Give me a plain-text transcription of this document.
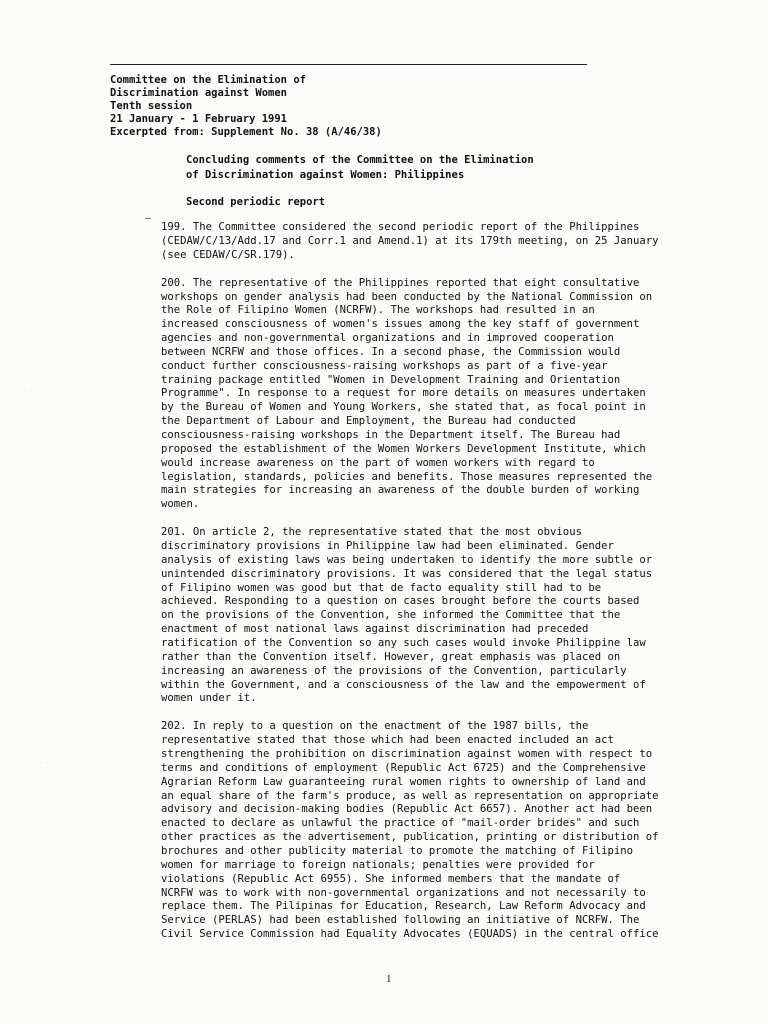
Committee on the Elimination of
Discrimination against Women
Tenth session
21 January - 1 February 1991
Excerpted from: Supplement No. 38 (A/46/38)
Concluding comments of the Committee on the Elimination
of Discrimination against Women: Philippines
Second periodic report
–
199. The Committee considered the second periodic report of the Philippines
(CEDAW/C/13/Add.17 and Corr.1 and Amend.1) at its 179th meeting, on 25 January
(see CEDAW/C/SR.179).
200. The representative of the Philippines reported that eight consultative
workshops on gender analysis had been conducted by the National Commission on
the Role of Filipino Women (NCRFW). The workshops had resulted in an
increased consciousness of women's issues among the key staff of government
agencies and non-governmental organizations and in improved cooperation
between NCRFW and those offices. In a second phase, the Commission would
conduct further consciousness-raising workshops as part of a five-year
training package entitled "Women in Development Training and Orientation
Programme". In response to a request for more details on measures undertaken
by the Bureau of Women and Young Workers, she stated that, as focal point in
the Department of Labour and Employment, the Bureau had conducted
consciousness-raising workshops in the Department itself. The Bureau had
proposed the establishment of the Women Workers Development Institute, which
would increase awareness on the part of women workers with regard to
legislation, standards, policies and benefits. Those measures represented the
main strategies for increasing an awareness of the double burden of working
women.
201. On article 2, the representative stated that the most obvious
discriminatory provisions in Philippine law had been eliminated. Gender
analysis of existing laws was being undertaken to identify the more subtle or
unintended discriminatory provisions. It was considered that the legal status
of Filipino women was good but that de facto equality still had to be
achieved. Responding to a question on cases brought before the courts based
on the provisions of the Convention, she informed the Committee that the
enactment of most national laws against discrimination had preceded
ratification of the Convention so any such cases would invoke Philippine law
rather than the Convention itself. However, great emphasis was placed on
increasing an awareness of the provisions of the Convention, particularly
within the Government, and a consciousness of the law and the empowerment of
women under it.
202. In reply to a question on the enactment of the 1987 bills, the
representative stated that those which had been enacted included an act
strengthening the prohibition on discrimination against women with respect to
terms and conditions of employment (Republic Act 6725) and the Comprehensive
Agrarian Reform Law guaranteeing rural women rights to ownership of land and
an equal share of the farm's produce, as well as representation on appropriate
advisory and decision-making bodies (Republic Act 6657). Another act had been
enacted to declare as unlawful the practice of "mail-order brides" and such
other practices as the advertisement, publication, printing or distribution of
brochures and other publicity material to promote the matching of Filipino
women for marriage to foreign nationals; penalties were provided for
violations (Republic Act 6955). She informed members that the mandate of
NCRFW was to work with non-governmental organizations and not necessarily to
replace them. The Pilipinas for Education, Research, Law Reform Advocacy and
Service (PERLAS) had been established following an initiative of NCRFW. The
Civil Service Commission had Equality Advocates (EQUADS) in the central office
· · · · ·
· · · ·
1
